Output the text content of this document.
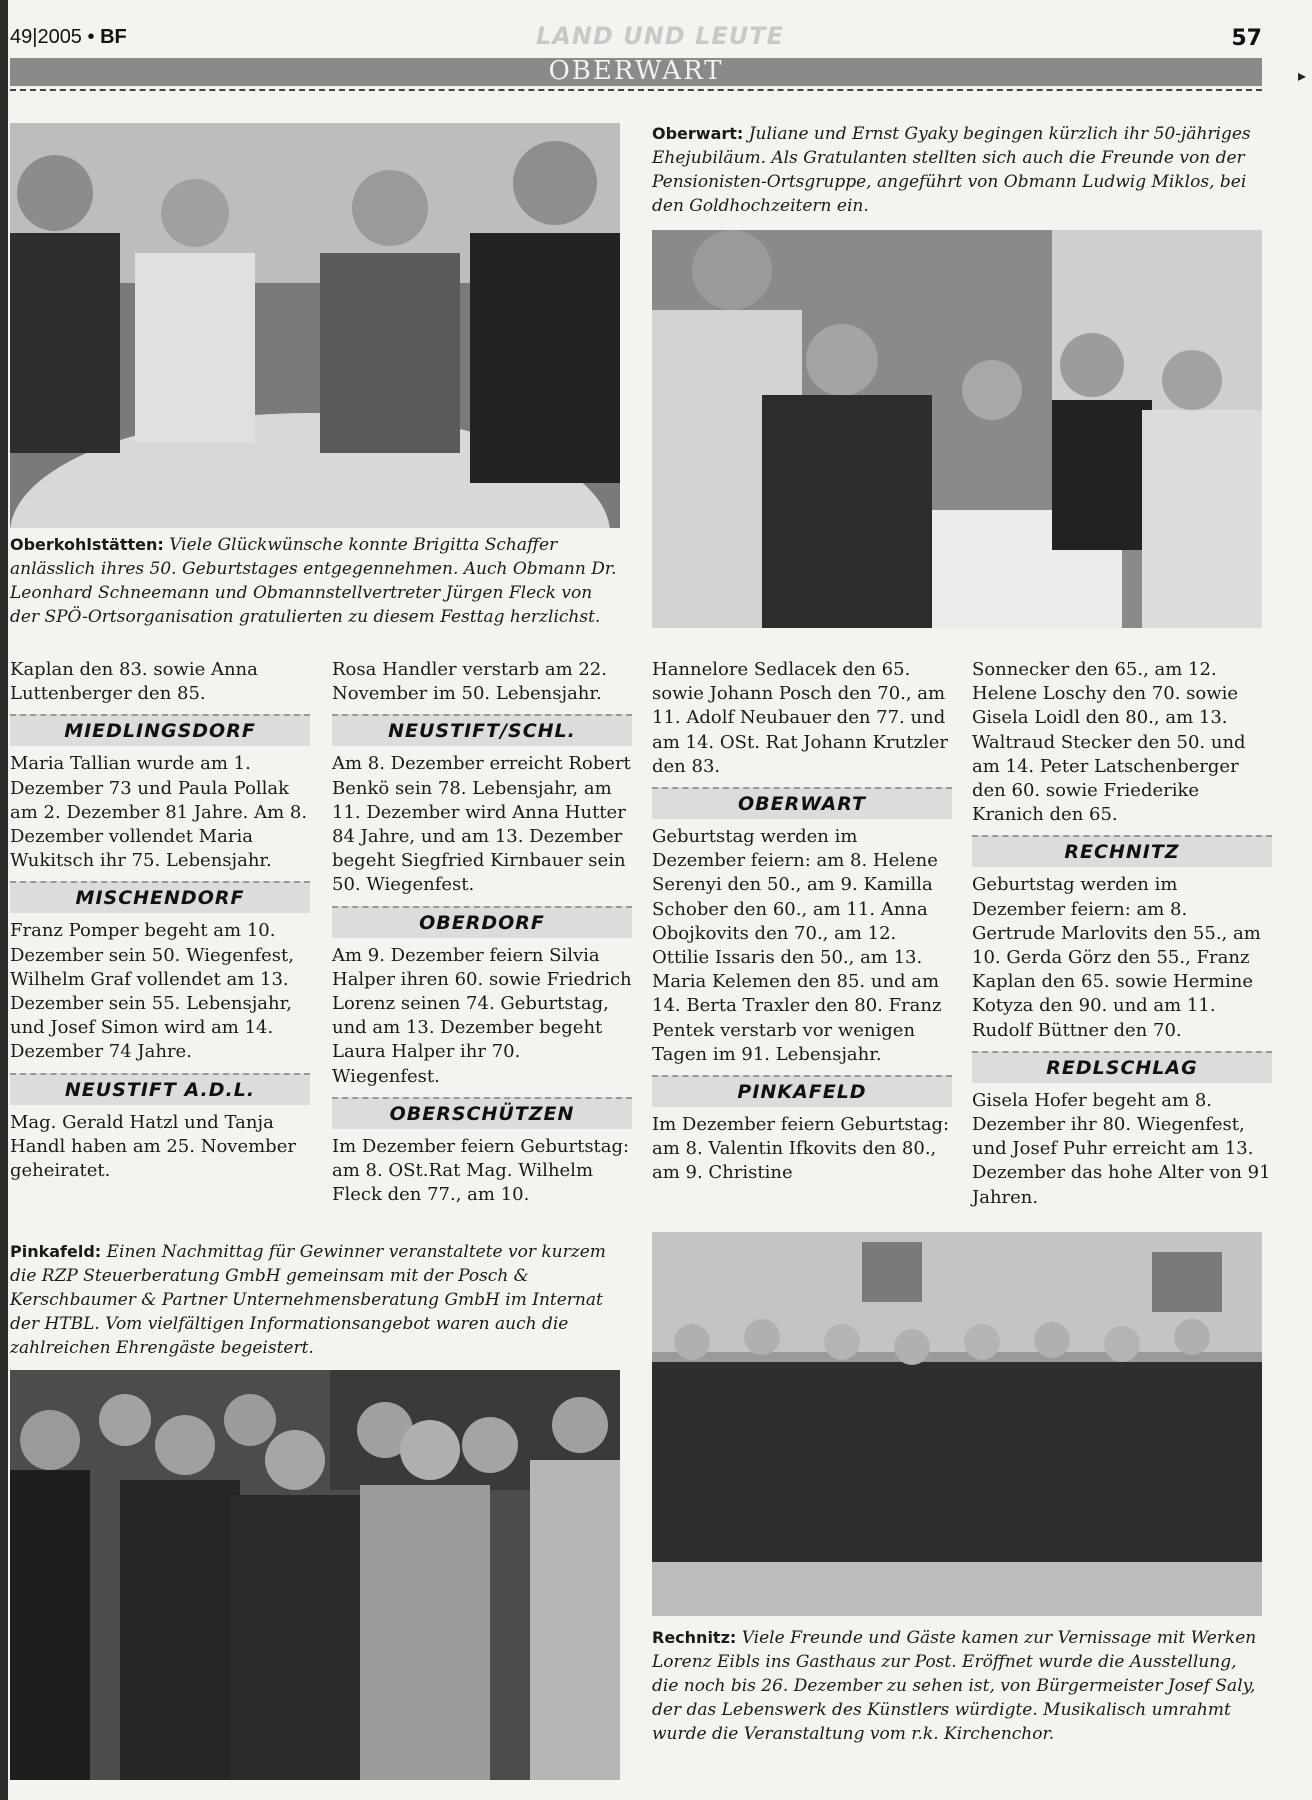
▸
49|2005 • BF	LAND UND LEUTE	57
OBERWART
Oberkohlstätten: Viele Glückwünsche konnte Brigitta Schaffer anlässlich ihres 50. Geburtstages entgegennehmen. Auch Obmann Dr. Leonhard Schneemann und Obmannstellvertreter Jürgen Fleck von der SPÖ-Ortsorganisation gratulierten zu diesem Festtag herzlichst.
Oberwart: Juliane und Ernst Gyaky begingen kürzlich ihr 50-jähriges Ehejubiläum. Als Gratulanten stellten sich auch die Freunde von der Pensionisten-Ortsgruppe, angeführt von Obmann Ludwig Miklos, bei den Goldhochzeitern ein.

Kaplan den 83. sowie Anna Luttenberger den 85.

MIEDLINGSDORF

Maria Tallian wurde am 1. Dezember 73 und Paula Pollak am 2. Dezember 81 Jahre. Am 8. Dezember vollendet Maria Wukitsch ihr 75. Lebensjahr.

MISCHENDORF

Franz Pomper begeht am 10. Dezember sein 50. Wiegenfest, Wilhelm Graf vollendet am 13. Dezember sein 55. Lebensjahr, und Josef Simon wird am 14. Dezember 74 Jahre.

NEUSTIFT A.D.L.

Mag. Gerald Hatzl und Tanja Handl haben am 25. November geheiratet.

Rosa Handler verstarb am 22. November im 50. Lebensjahr.

NEUSTIFT/SCHL.

Am 8. Dezember erreicht Robert Benkö sein 78. Lebensjahr, am 11. Dezember wird Anna Hutter 84 Jahre, und am 13. Dezember begeht Siegfried Kirnbauer sein 50. Wiegenfest.

OBERDORF

Am 9. Dezember feiern Silvia Halper ihren 60. sowie Friedrich Lorenz seinen 74. Geburtstag, und am 13. Dezember begeht Laura Halper ihr 70. Wiegenfest.

OBERSCHÜTZEN

Im Dezember feiern Geburtstag: am 8. OSt.Rat Mag. Wilhelm Fleck den 77., am 10.

Hannelore Sedlacek den 65. sowie Johann Posch den 70., am 11. Adolf Neubauer den 77. und am 14. OSt. Rat Johann Krutzler den 83.

OBERWART

Geburtstag werden im Dezember feiern: am 8. Helene Serenyi den 50., am 9. Kamilla Schober den 60., am 11. Anna Obojkovits den 70., am 12. Ottilie Issaris den 50., am 13. Maria Kelemen den 85. und am 14. Berta Traxler den 80. Franz Pentek verstarb vor wenigen Tagen im 91. Lebensjahr.

PINKAFELD

Im Dezember feiern Geburtstag: am 8. Valentin Ifkovits den 80., am 9. Christine

Sonnecker den 65., am 12. Helene Loschy den 70. sowie Gisela Loidl den 80., am 13. Waltraud Stecker den 50. und am 14. Peter Latschenberger den 60. sowie Friederike Kranich den 65.

RECHNITZ

Geburtstag werden im Dezember feiern: am 8. Gertrude Marlovits den 55., am 10. Gerda Görz den 55., Franz Kaplan den 65. sowie Hermine Kotyza den 90. und am 11. Rudolf Büttner den 70.

REDLSCHLAG

Gisela Hofer begeht am 8. Dezember ihr 80. Wiegenfest, und Josef Puhr erreicht am 13. Dezember das hohe Alter von 91 Jahren.

Pinkafeld: Einen Nachmittag für Gewinner veranstaltete vor kurzem die RZP Steuerberatung GmbH gemeinsam mit der Posch & Kerschbaumer & Partner Unternehmensberatung GmbH im Internat der HTBL. Vom vielfältigen Informationsangebot waren auch die zahlreichen Ehrengäste begeistert.
Rechnitz: Viele Freunde und Gäste kamen zur Vernissage mit Werken Lorenz Eibls ins Gasthaus zur Post. Eröffnet wurde die Ausstellung, die noch bis 26. Dezember zu sehen ist, von Bürgermeister Josef Saly, der das Lebenswerk des Künstlers würdigte. Musikalisch umrahmt wurde die Veranstaltung vom r.k. Kirchenchor.
